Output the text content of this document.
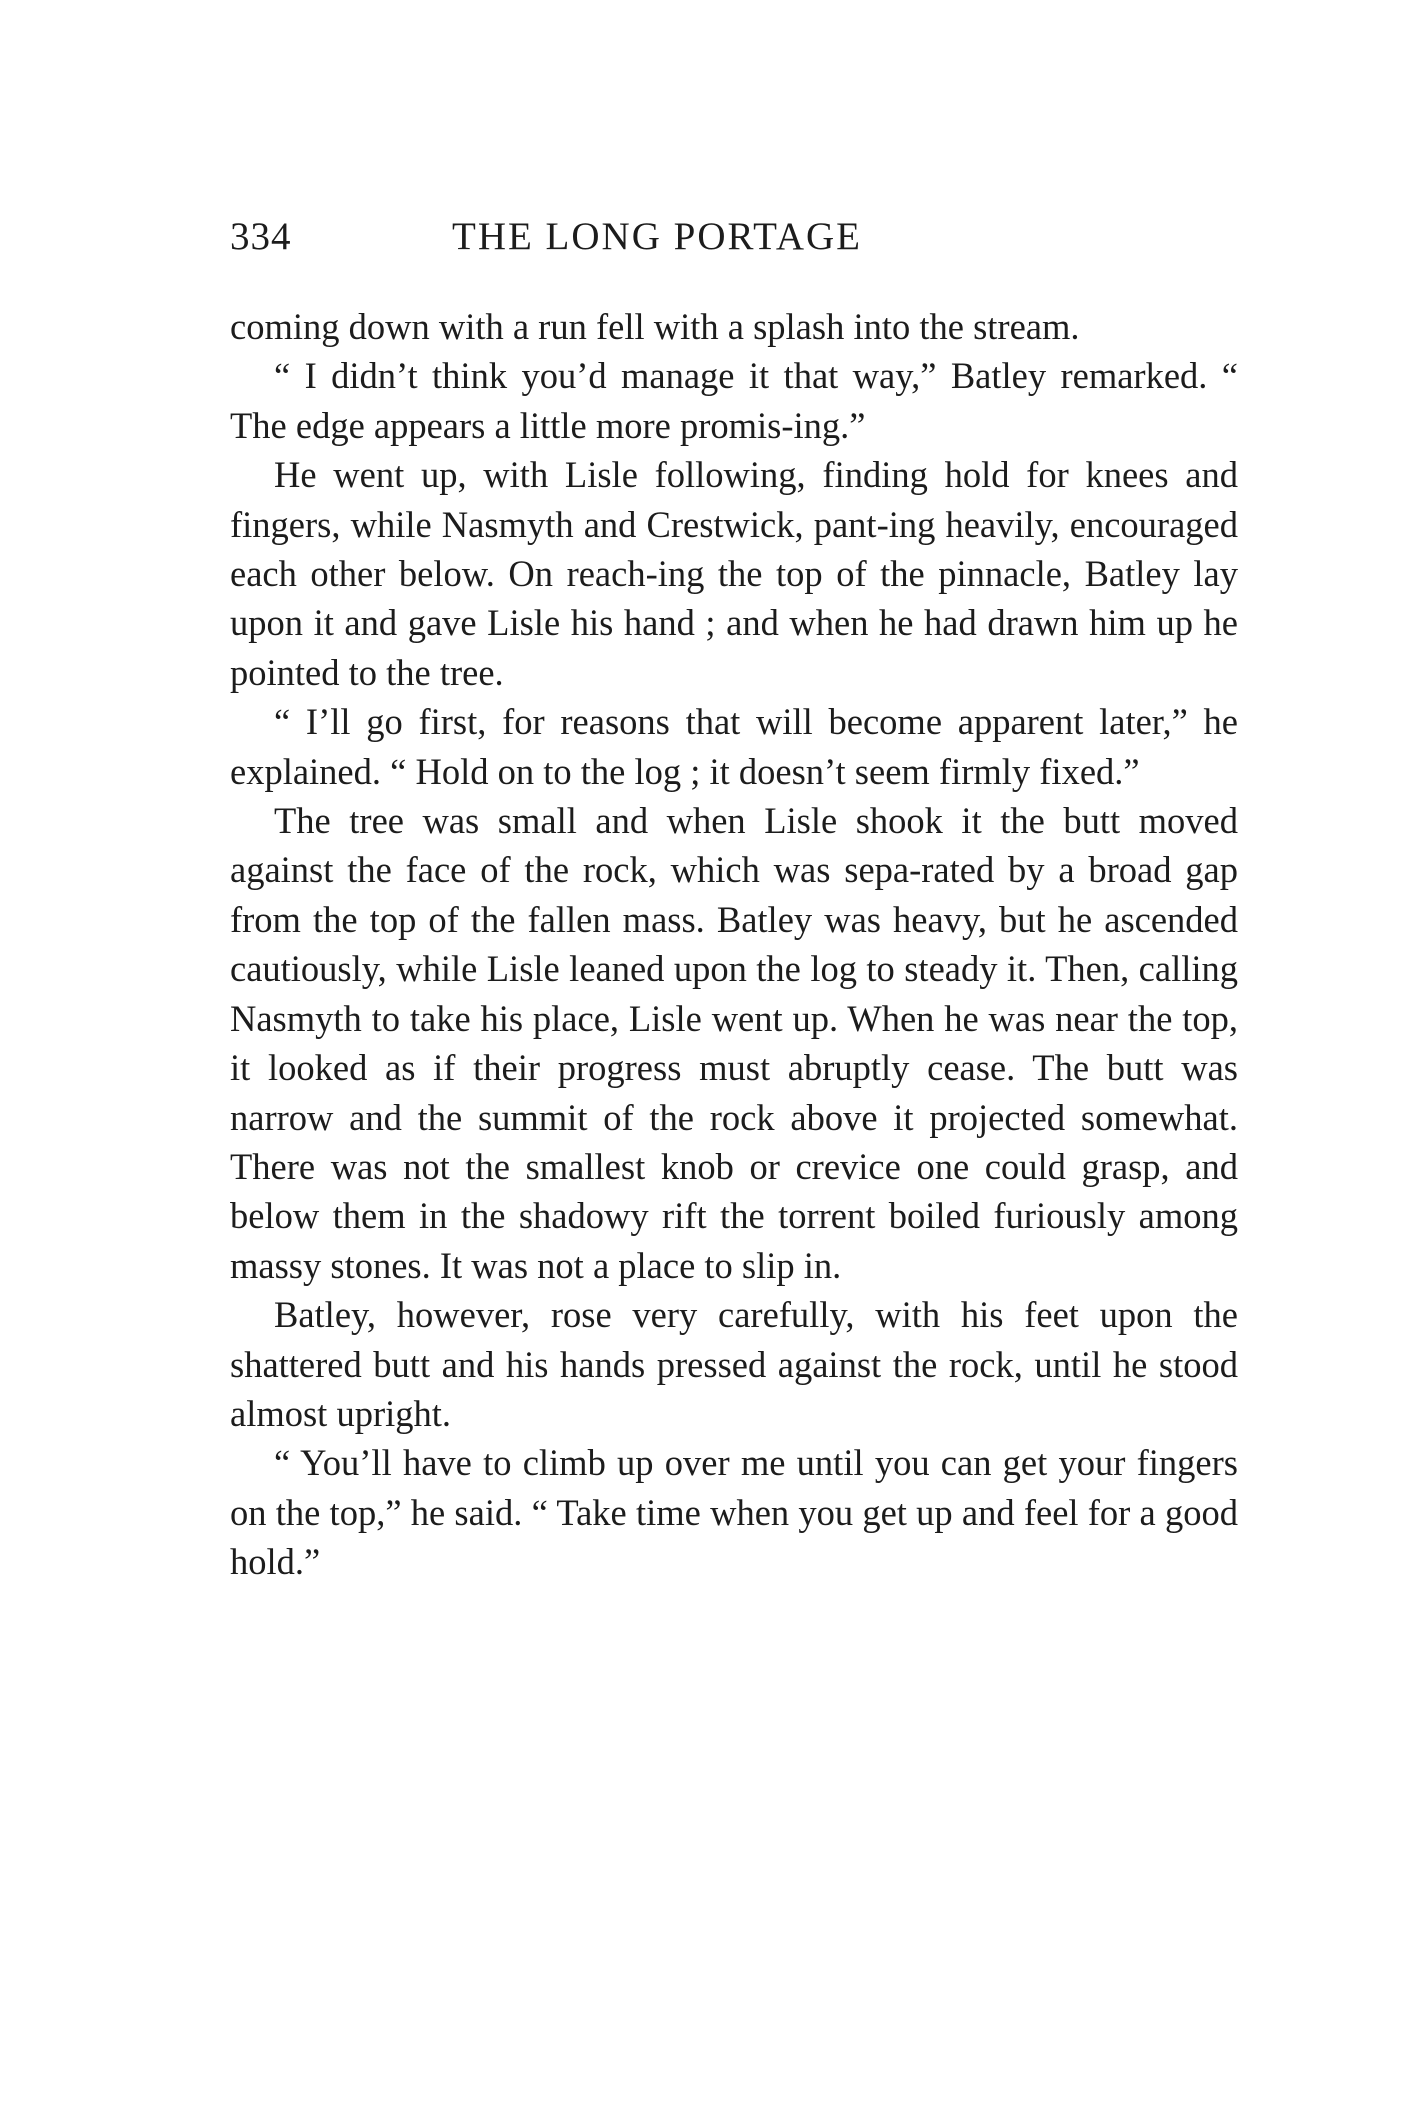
334	THE LONG PORTAGE

coming down with a run fell with a splash into the stream.

“ I didn’t think you’d manage it that way,” Batley remarked. “ The edge appears a little more promis-ing.”

He went up, with Lisle following, finding hold for knees and fingers, while Nasmyth and Crestwick, pant-ing heavily, encouraged each other below. On reach-ing the top of the pinnacle, Batley lay upon it and gave Lisle his hand ; and when he had drawn him up he pointed to the tree.

“ I’ll go first, for reasons that will become apparent later,” he explained. “ Hold on to the log ; it doesn’t seem firmly fixed.”

The tree was small and when Lisle shook it the butt moved against the face of the rock, which was sepa-rated by a broad gap from the top of the fallen mass. Batley was heavy, but he ascended cautiously, while Lisle leaned upon the log to steady it. Then, calling Nasmyth to take his place, Lisle went up. When he was near the top, it looked as if their progress must abruptly cease. The butt was narrow and the summit of the rock above it projected somewhat. There was not the smallest knob or crevice one could grasp, and below them in the shadowy rift the torrent boiled furiously among massy stones. It was not a place to slip in.

Batley, however, rose very carefully, with his feet upon the shattered butt and his hands pressed against the rock, until he stood almost upright.

“ You’ll have to climb up over me until you can get your fingers on the top,” he said. “ Take time when you get up and feel for a good hold.”
